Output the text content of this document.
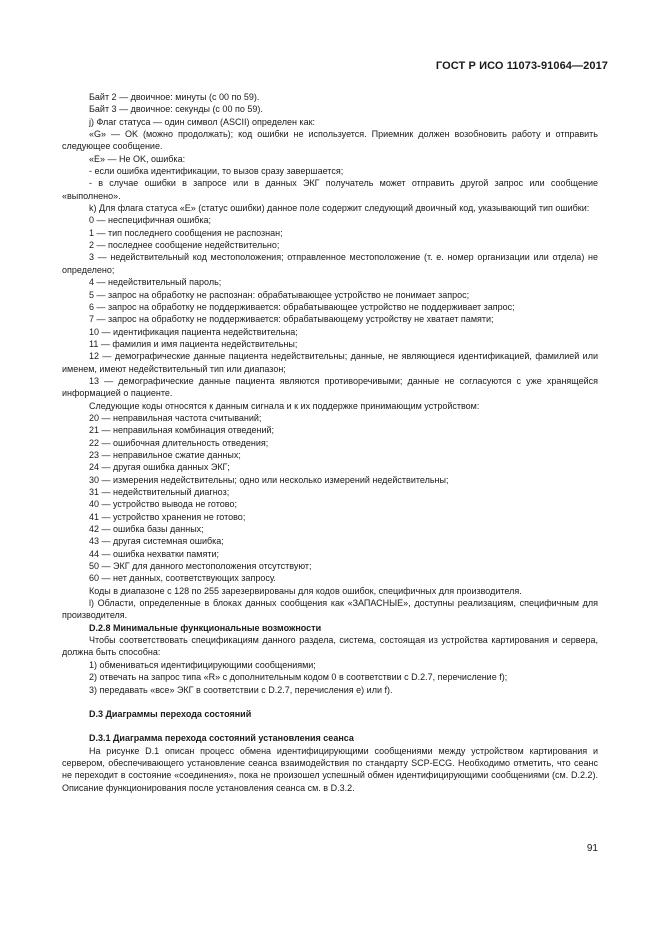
ГОСТ Р ИСО 11073-91064—2017

Байт 2 — двоичное: минуты (с 00 по 59).

Байт 3 — двоичное: секунды (с 00 по 59).

j) Флаг статуса — один символ (ASCII) определен как:

«G» — OK (можно продолжать); код ошибки не используется. Приемник должен возобновить работу и отправить следующее сообщение.

«E» — Не OK, ошибка:

- если ошибка идентификации, то вызов сразу завершается;

- в случае ошибки в запросе или в данных ЭКГ получатель может отправить другой запрос или сообщение «выполнено».

k) Для флага статуса «E» (статус ошибки) данное поле содержит следующий двоичный код, указывающий тип ошибки:

0 — неспецифичная ошибка;

1 — тип последнего сообщения не распознан;

2 — последнее сообщение недействительно;

3 — недействительный код местоположения; отправленное местоположение (т. е. номер организации или отдела) не определено;

4 — недействительный пароль;

5 — запрос на обработку не распознан: обрабатывающее устройство не понимает запрос;

6 — запрос на обработку не поддерживается: обрабатывающее устройство не поддерживает запрос;

7 — запрос на обработку не поддерживается: обрабатывающему устройству не хватает памяти;

10 — идентификация пациента недействительна;

11 — фамилия и имя пациента недействительны;

12 — демографические данные пациента недействительны; данные, не являющиеся идентификацией, фамилией или именем, имеют недействительный тип или диапазон;

13 — демографические данные пациента являются противоречивыми; данные не согласуются с уже хранящейся информацией о пациенте.

Следующие коды относятся к данным сигнала и к их поддержке принимающим устройством:

20 — неправильная частота считываний;

21 — неправильная комбинация отведений;

22 — ошибочная длительность отведения;

23 — неправильное сжатие данных;

24 — другая ошибка данных ЭКГ;

30 — измерения недействительны; одно или несколько измерений недействительны;

31 — недействительный диагноз;

40 — устройство вывода не готово;

41 — устройство хранения не готово;

42 — ошибка базы данных;

43 — другая системная ошибка;

44 — ошибка нехватки памяти;

50 — ЭКГ для данного местоположения отсутствуют;

60 — нет данных, соответствующих запросу.

Коды в диапазоне с 128 по 255 зарезервированы для кодов ошибок, специфичных для производителя.

l) Области, определенные в блоках данных сообщения как «ЗАПАСНЫЕ», доступны реализациям, специфичным для производителя.

D.2.8 Минимальные функциональные возможности

Чтобы соответствовать спецификациям данного раздела, система, состоящая из устройства картирования и сервера, должна быть способна:

1) обмениваться идентифицирующими сообщениями;

2) отвечать на запрос типа «R» с дополнительным кодом 0 в соответствии с D.2.7, перечисление f);

3) передавать «все» ЭКГ в соответствии с D.2.7, перечисления e) или f).

D.3 Диаграммы перехода состояний

D.3.1 Диаграмма перехода состояний установления сеанса

На рисунке D.1 описан процесс обмена идентифицирующими сообщениями между устройством картирования и сервером, обеспечивающего установление сеанса взаимодействия по стандарту SCP-ECG. Необходимо отметить, что сеанс не переходит в состояние «соединения», пока не произошел успешный обмен идентифицирующими сообщениями (см. D.2.2). Описание функционирования после установления сеанса см. в D.3.2.

91
